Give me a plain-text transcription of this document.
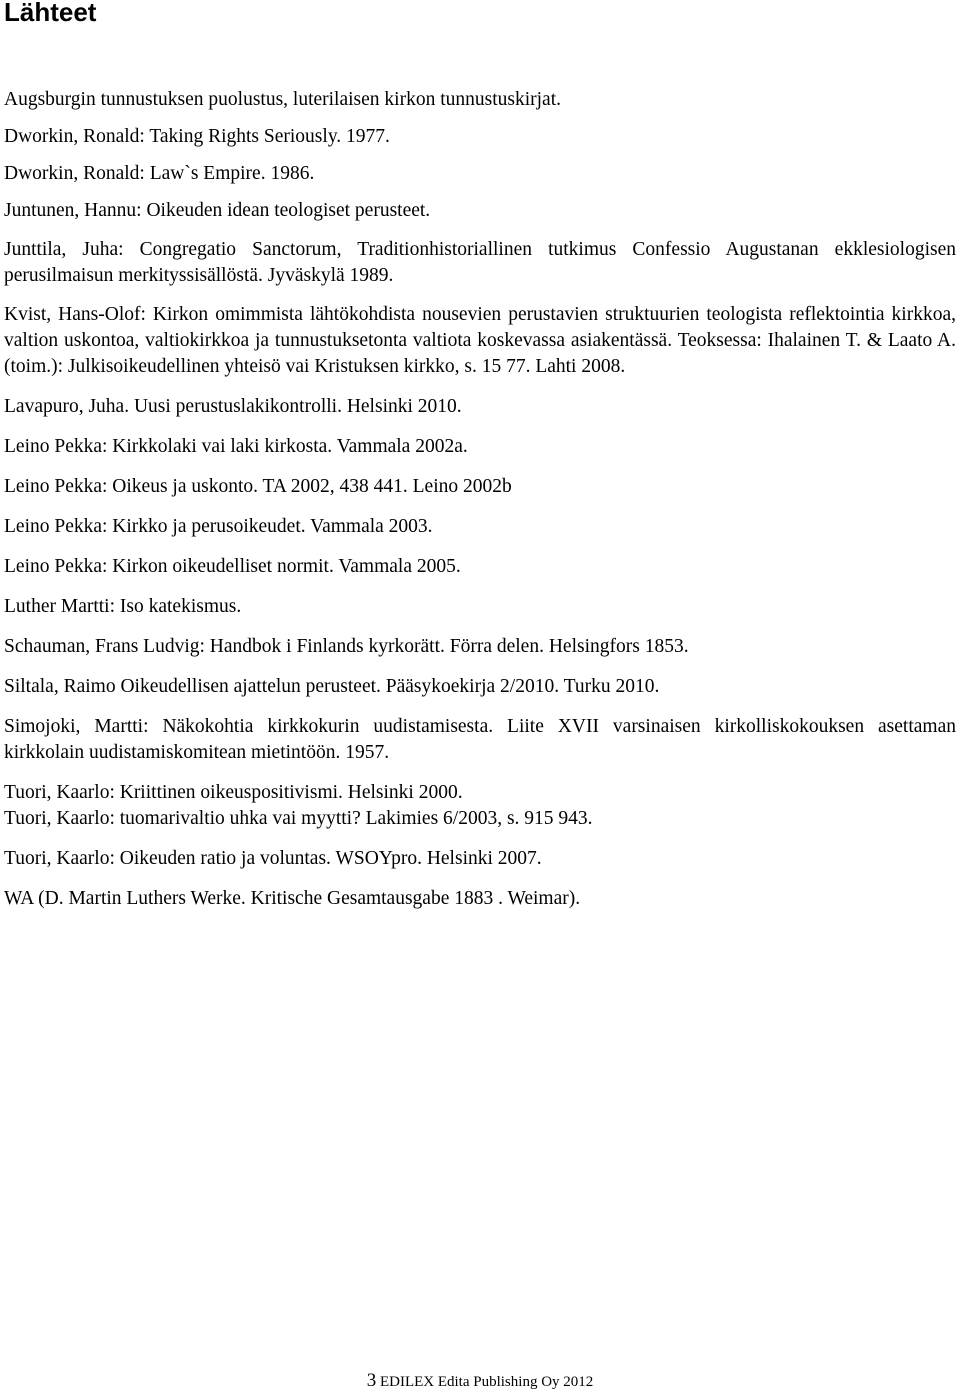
Lähteet

Augsburgin tunnustuksen puolustus, luterilaisen kirkon tunnustuskirjat.

Dworkin, Ronald: Taking Rights Seriously. 1977.

Dworkin, Ronald: Law`s Empire. 1986.

Juntunen, Hannu: Oikeuden idean teologiset perusteet.

Junttila, Juha: Congregatio Sanctorum, Traditionhistoriallinen tutkimus Confessio Augustanan ekklesiologisen perusilmaisun merkityssisällöstä. Jyväskylä 1989.

Kvist, Hans-Olof: Kirkon omimmista lähtökohdista nousevien perustavien struktuurien teologista reflektointia kirkkoa, valtion uskontoa, valtiokirkkoa ja tunnustuksetonta valtiota koskevassa asiakentässä. Teoksessa: Ihalainen T. & Laato A. (toim.): Julkisoikeudellinen yhteisö vai Kristuksen kirkko, s. 15 77. Lahti 2008.

Lavapuro, Juha. Uusi perustuslakikontrolli. Helsinki 2010.

Leino Pekka: Kirkkolaki vai laki kirkosta. Vammala 2002a.

Leino Pekka: Oikeus ja uskonto. TA 2002, 438 441. Leino 2002b

Leino Pekka: Kirkko ja perusoikeudet. Vammala 2003.

Leino Pekka: Kirkon oikeudelliset normit. Vammala 2005.

Luther Martti: Iso katekismus.

Schauman, Frans Ludvig: Handbok i Finlands kyrkorätt. Förra delen. Helsingfors 1853.

Siltala, Raimo Oikeudellisen ajattelun perusteet. Pääsykoekirja 2/2010. Turku 2010.

Simojoki, Martti: Näkokohtia kirkkokurin uudistamisesta. Liite XVII varsinaisen kirkolliskokouksen asettaman kirkkolain uudistamiskomitean mietintöön. 1957.

Tuori, Kaarlo: Kriittinen oikeuspositivismi. Helsinki 2000.

Tuori, Kaarlo: tuomarivaltio uhka vai myytti? Lakimies 6/2003, s. 915 943.

Tuori, Kaarlo: Oikeuden ratio ja voluntas. WSOYpro. Helsinki 2007.

WA (D. Martin Luthers Werke. Kritische Gesamtausgabe 1883 . Weimar).

3 EDILEX Edita Publishing Oy 2012
